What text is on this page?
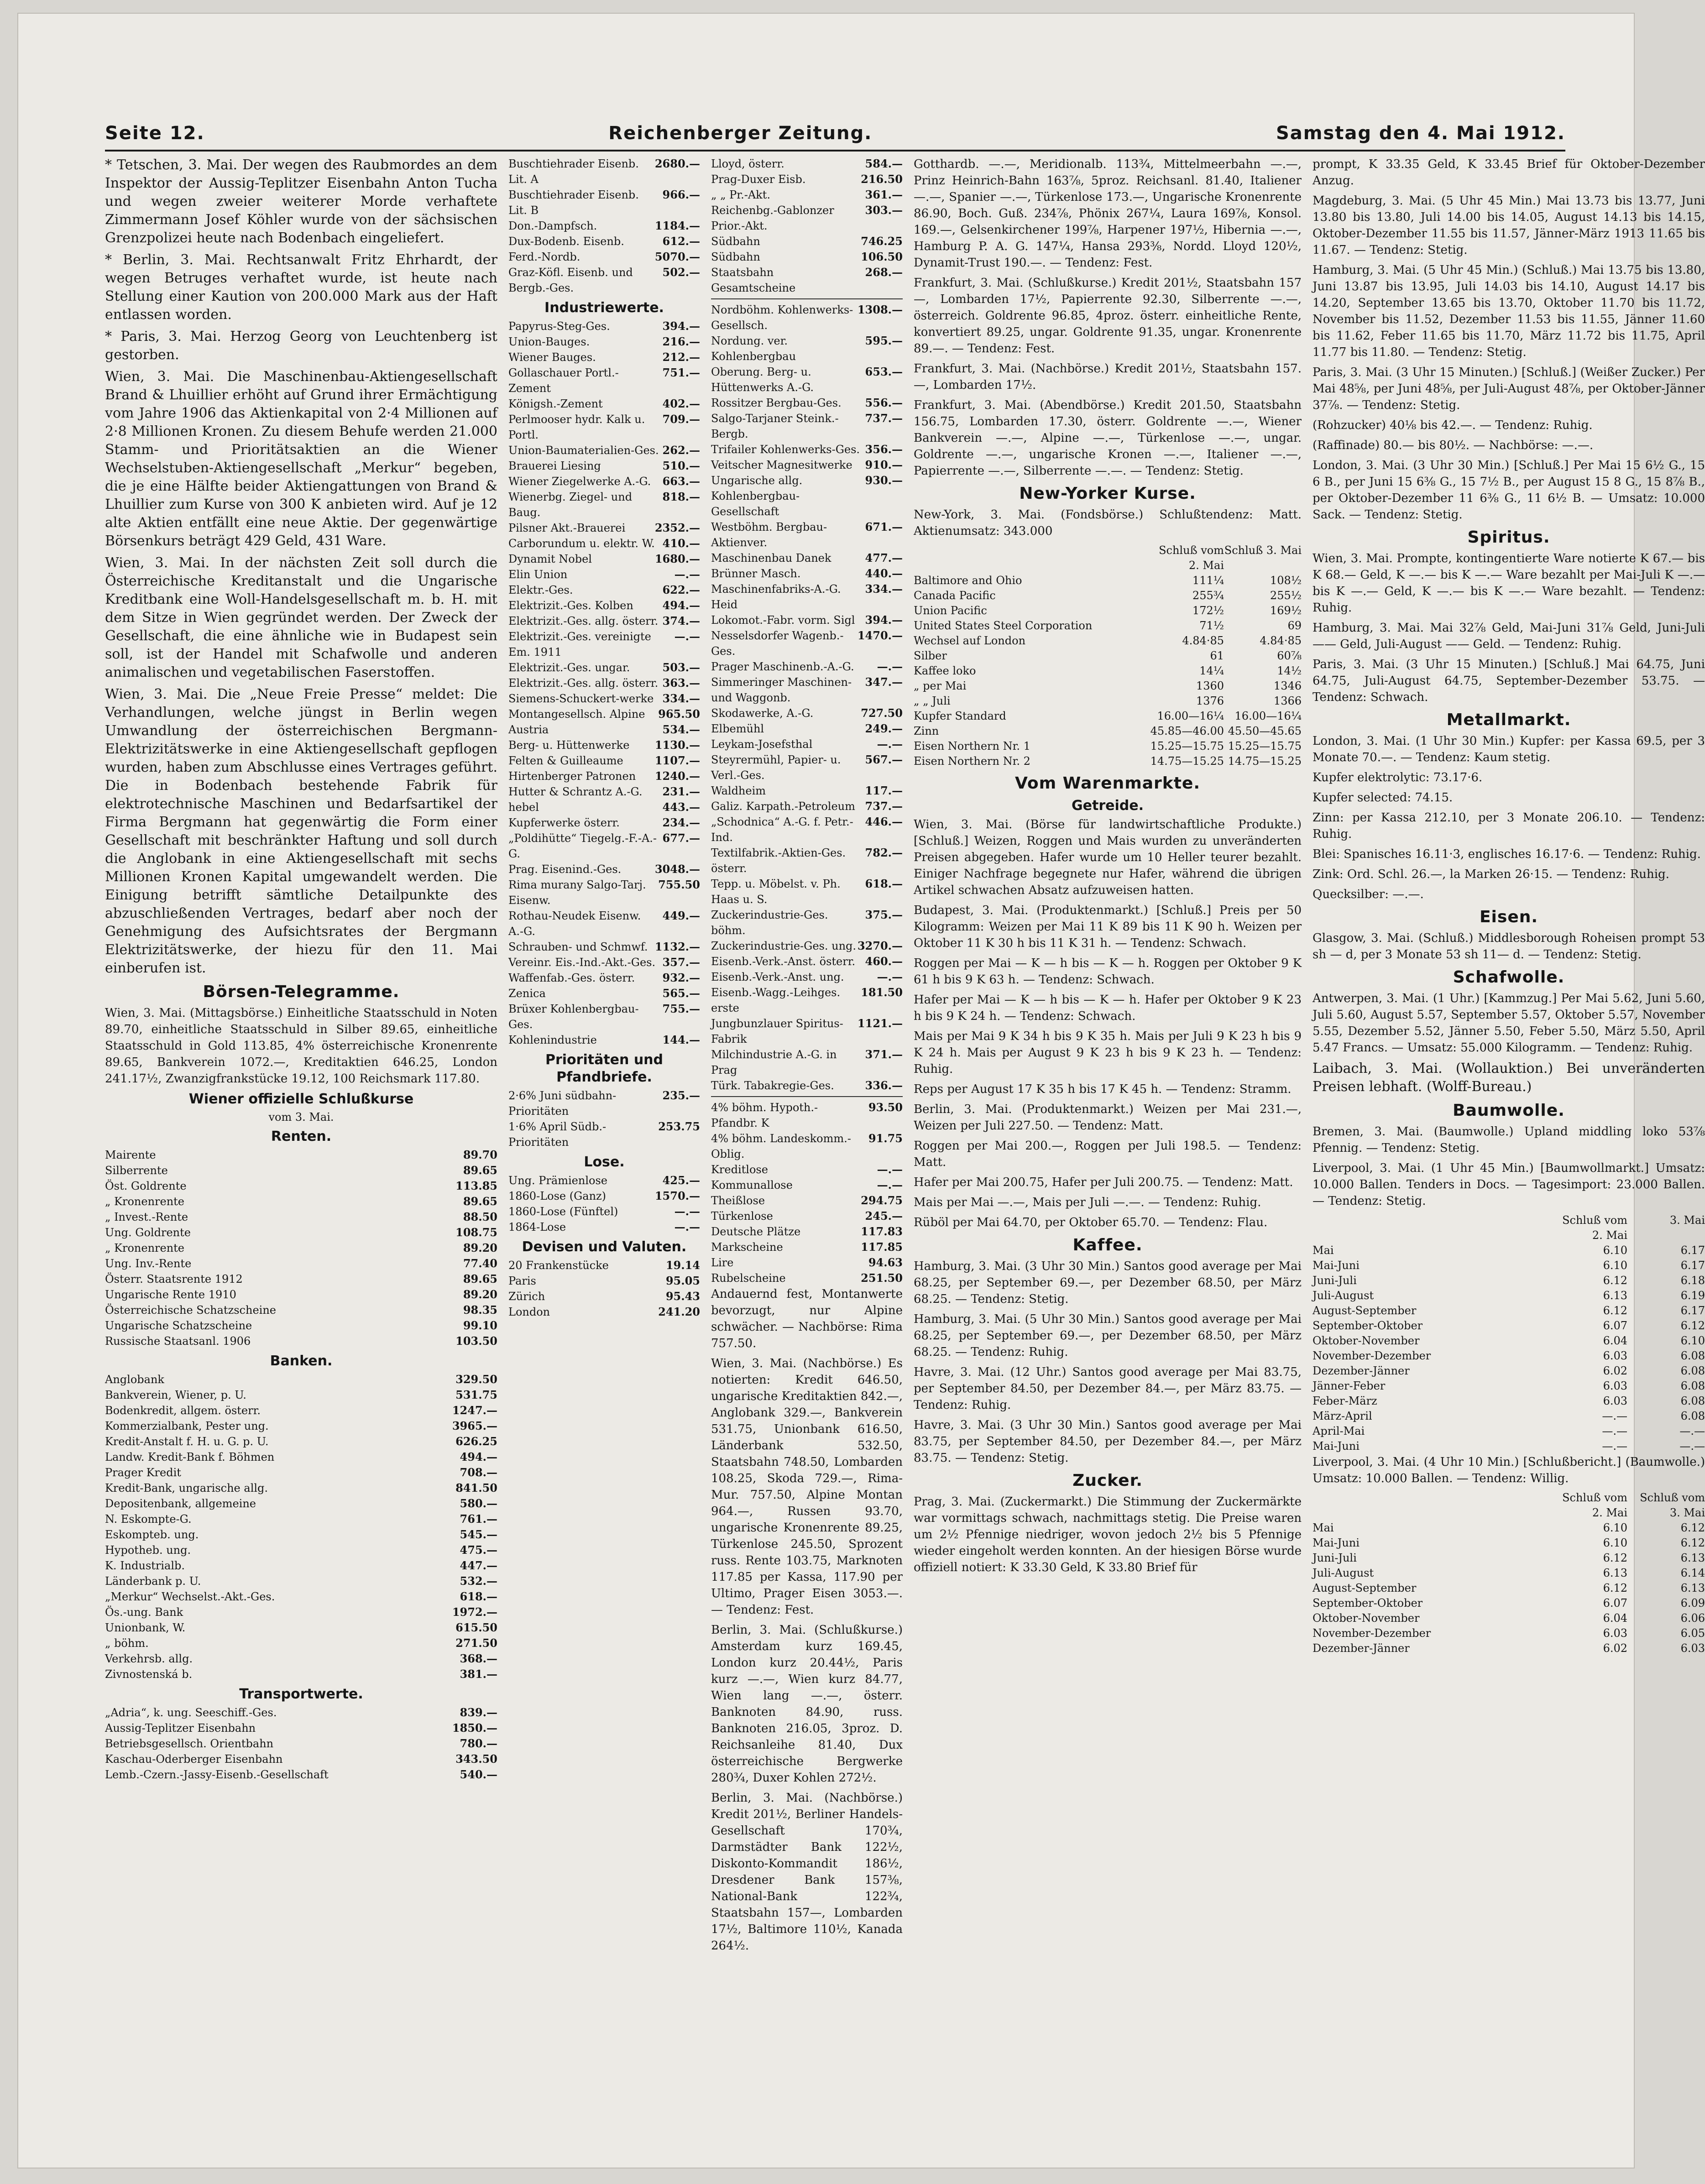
Seite 12.	Reichenberger Zeitung.	Samstag den 4. Mai 1912.

* Tetschen, 3. Mai. Der wegen des Raubmordes an dem Inspektor der Aussig-Teplitzer Eisenbahn Anton Tucha und wegen zweier weiterer Morde verhaftete Zimmermann Josef Köhler wurde von der sächsischen Grenzpolizei heute nach Bodenbach eingeliefert.

* Berlin, 3. Mai. Rechtsanwalt Fritz Ehrhardt, der wegen Betruges verhaftet wurde, ist heute nach Stellung einer Kaution von 200.000 Mark aus der Haft entlassen worden.

* Paris, 3. Mai. Herzog Georg von Leuchtenberg ist gestorben.

Wien, 3. Mai. Die Maschinenbau-Aktiengesellschaft Brand & Lhuillier erhöht auf Grund ihrer Ermächtigung vom Jahre 1906 das Aktienkapital von 2·4 Millionen auf 2·8 Millionen Kronen. Zu diesem Behufe werden 21.000 Stamm- und Prioritätsaktien an die Wiener Wechselstuben-Aktiengesellschaft „Merkur“ begeben, die je eine Hälfte beider Aktiengattungen von Brand & Lhuillier zum Kurse von 300 K anbieten wird. Auf je 12 alte Aktien entfällt eine neue Aktie. Der gegenwärtige Börsenkurs beträgt 429 Geld, 431 Ware.

Wien, 3. Mai. In der nächsten Zeit soll durch die Österreichische Kreditanstalt und die Ungarische Kreditbank eine Woll-Handelsgesellschaft m. b. H. mit dem Sitze in Wien gegründet werden. Der Zweck der Gesellschaft, die eine ähnliche wie in Budapest sein soll, ist der Handel mit Schafwolle und anderen animalischen und vegetabilischen Faserstoffen.

Wien, 3. Mai. Die „Neue Freie Presse“ meldet: Die Verhandlungen, welche jüngst in Berlin wegen Umwandlung der österreichischen Bergmann-Elektrizitätswerke in eine Aktiengesellschaft gepflogen wurden, haben zum Abschlusse eines Vertrages geführt. Die in Bodenbach bestehende Fabrik für elektrotechnische Maschinen und Bedarfsartikel der Firma Bergmann hat gegenwärtig die Form einer Gesellschaft mit beschränkter Haftung und soll durch die Anglobank in eine Aktiengesellschaft mit sechs Millionen Kronen Kapital umgewandelt werden. Die Einigung betrifft sämtliche Detailpunkte des abzuschließenden Vertrages, bedarf aber noch der Genehmigung des Aufsichtsrates der Bergmann Elektrizitätswerke, der hiezu für den 11. Mai einberufen ist.

Börsen-Telegramme.

Wien, 3. Mai. (Mittagsbörse.) Einheitliche Staatsschuld in Noten 89.70, einheitliche Staatsschuld in Silber 89.65, einheitliche Staatsschuld in Gold 113.85, 4% österreichische Kronenrente 89.65, Bankverein 1072.—, Kreditaktien 646.25, London 241.17½, Zwanzigfrankstücke 19.12, 100 Reichsmark 117.80.

Wiener offizielle Schlußkurse
vom 3. Mai.
Renten.
Mairente	89.70
Silberrente	89.65
Öst. Goldrente	113.85
„ Kronenrente	89.65
„ Invest.-Rente	88.50
Ung. Goldrente	108.75
„ Kronenrente	89.20
Ung. Inv.-Rente	77.40
Österr. Staatsrente 1912	89.65
Ungarische Rente 1910	89.20
Österreichische Schatzscheine	98.35
Ungarische Schatzscheine	99.10
Russische Staatsanl. 1906	103.50
Banken.
Anglobank	329.50
Bankverein, Wiener, p. U.	531.75
Bodenkredit, allgem. österr.	1247.—
Kommerzialbank, Pester ung.	3965.—
Kredit-Anstalt f. H. u. G. p. U.	626.25
Landw. Kredit-Bank f. Böhmen	494.—
Prager Kredit	708.—
Kredit-Bank, ungarische allg.	841.50
Depositenbank, allgemeine	580.—
N. Eskompte-G.	761.—
Eskompteb. ung.	545.—
Hypotheb. ung.	475.—
K. Industrialb.	447.—
Länderbank p. U.	532.—
„Merkur“ Wechselst.-Akt.-Ges.	618.—
Ös.-ung. Bank	1972.—
Unionbank, W.	615.50
„ böhm.	271.50
Verkehrsb. allg.	368.—
Zivnostenská b.	381.—
Transportwerte.
„Adria“, k. ung. Seeschiff.-Ges.	839.—
Aussig-Teplitzer Eisenbahn	1850.—
Betriebsgesellsch. Orientbahn	780.—
Kaschau-Oderberger Eisenbahn	343.50
Lemb.-Czern.-Jassy-Eisenb.-Gesellschaft	540.—
Buschtiehrader Eisenb. Lit. A
2680.—
Buschtiehrader Eisenb. Lit. B
966.—
Don.-Dampfsch.	1184.—
Dux-Bodenb. Eisenb.	612.—
Ferd.-Nordb.	5070.—
Graz-Köfl. Eisenb. und Bergb.-Ges.
502.—
Industriewerte.
Papyrus-Steg-Ges.	394.—
Union-Bauges.	216.—
Wiener Bauges.	212.—
Gollaschauer Portl.-Zement
751.—
Königsh.-Zement	402.—
Perlmooser hydr. Kalk u. Portl.
709.—
Union-Baumaterialien-Ges. 262.—
Brauerei Liesing	510.—
Wiener Ziegelwerke A.-G.	663.—
Wienerbg. Ziegel- und Baug.
818.—
Pilsner Akt.-Brauerei	2352.—
Carborundum u. elektr. W. 410.—
Dynamit Nobel	1680.—
Elin Union	—.—
Elektr.-Ges.	622.—
Elektrizit.-Ges. Kolben	494.—
Elektrizit.-Ges. allg. österr. 374.—
Elektrizit.-Ges. vereinigte Em. 1911
—.—
Elektrizit.-Ges. ungar.	503.—
Elektrizit.-Ges. allg. österr. 363.—
Siemens-Schuckert-werke 334.—
Montangesellsch. Alpine	965.50
Austria	534.—
Berg- u. Hüttenwerke	1130.—
Felten & Guilleaume	1107.—
Hirtenberger Patronen	1240.—
Hutter & Schrantz A.-G.	231.—
hebel	443.—
Kupferwerke österr.	234.—
„Poldihütte“ Tiegelg.-F.-A.-G.
677.—
Prag. Eisenind.-Ges.	3048.—
Rima murany Salgo-Tarj. Eisenw.
755.50
Rothau-Neudek Eisenw. A.-G.
449.—
Schrauben- und Schmwf. 1132.—
Vereinr. Eis.-Ind.-Akt.-Ges. 357.—
Waffenfab.-Ges. österr.	932.—
Zenica	565.—
Brüxer Kohlenbergbau-Ges.
755.—
Kohlenindustrie	144.—
Prioritäten und Pfandbriefe.
2·6% Juni südbahn-Prioritäten
235.—
1·6% April Südb.-Prioritäten
253.75
Lose.
Ung. Prämienlose	425.—
1860-Lose (Ganz)	1570.—
1860-Lose (Fünftel)	—.—
1864-Lose	—.—
Devisen und Valuten.
20 Frankenstücke	19.14
Paris	95.05
Zürich	95.43
London	241.20
Lloyd, österr.	584.—
Prag-Duxer Eisb.	216.50
„ „ Pr.-Akt.	361.—
Reichenbg.-Gablonzer Prior.-Akt.
303.—
Südbahn	746.25
Südbahn	106.50
Staatsbahn Gesamtscheine
268.—
Nordböhm. Kohlenwerks-Gesellsch.
1308.—
Nordung. ver. Kohlenbergbau
595.—
Oberung. Berg- u. Hüttenwerks A.-G.
653.—
Rossitzer Bergbau-Ges.	556.—
Salgo-Tarjaner Steink.-Bergb.
737.—
Trifailer Kohlenwerks-Ges. 356.—
Veitscher Magnesitwerke	910.—
Ungarische allg. Kohlenbergbau-Gesellschaft
930.—
Westböhm. Bergbau-Aktienver.
671.—
Maschinenbau Danek	477.—
Brünner Masch.	440.—
Maschinenfabriks-A.-G. Heid
334.—
Lokomot.-Fabr. vorm. Sigl 394.—
Nesselsdorfer Wagenb.-Ges.
1470.—
Prager Maschinenb.-A.-G.	—.—
Simmeringer Maschinen- und Waggonb.
347.—
Skodawerke, A.-G.	727.50
Elbemühl	249.—
Leykam-Josefsthal	—.—
Steyrermühl, Papier- u. Verl.-Ges.
567.—
Waldheim	117.—
Galiz. Karpath.-Petroleum 737.—
„Schodnica“ A.-G. f. Petr.-Ind.
446.—
Textilfabrik.-Aktien-Ges. österr.
782.—
Tepp. u. Möbelst. v. Ph. Haas u. S.
618.—
Zuckerindustrie-Ges. böhm.
375.—
Zuckerindustrie-Ges. ung. 3270.—
Eisenb.-Verk.-Anst. österr. 460.—
Eisenb.-Verk.-Anst. ung.	—.—
Eisenb.-Wagg.-Leihges. erste
181.50
Jungbunzlauer Spiritus-Fabrik
1121.—
Milchindustrie A.-G. in Prag
371.—
Türk. Tabakregie-Ges.	336.—
4% böhm. Hypoth.-Pfandbr. K
93.50
4% böhm. Landeskomm.-Oblig.
91.75
Kreditlose	—.—
Kommunallose	—.—
Theißlose	294.75
Türkenlose	245.—
Deutsche Plätze	117.83
Markscheine	117.85
Lire	94.63
Rubelscheine	251.50

Andauernd fest, Montanwerte bevorzugt, nur Alpine schwächer. — Nachbörse: Rima 757.50.

Wien, 3. Mai. (Nachbörse.) Es notierten: Kredit 646.50, ungarische Kreditaktien 842.—, Anglobank 329.—, Bankverein 531.75, Unionbank 616.50, Länderbank 532.50, Staatsbahn 748.50, Lombarden 108.25, Skoda 729.—, Rima-Mur. 757.50, Alpine Montan 964.—, Russen 93.70, ungarische Kronenrente 89.25, Türkenlose 245.50, Sprozent russ. Rente 103.75, Marknoten 117.85 per Kassa, 117.90 per Ultimo, Prager Eisen 3053.—. — Tendenz: Fest.

Berlin, 3. Mai. (Schlußkurse.) Amsterdam kurz 169.45, London kurz 20.44½, Paris kurz —.—, Wien kurz 84.77, Wien lang —.—, österr. Banknoten 84.90, russ. Banknoten 216.05, 3proz. D. Reichsanleihe 81.40, Dux österreichische Bergwerke 280¾, Duxer Kohlen 272½.

Berlin, 3. Mai. (Nachbörse.) Kredit 201½, Berliner Handels-Gesellschaft 170¾, Darmstädter Bank 122½, Diskonto-Kommandit 186½, Dresdener Bank 157⅜, National-Bank 122¾, Staatsbahn 157—, Lombarden 17½, Baltimore 110½, Kanada 264½.

Gotthardb. —.—, Meridionalb. 113¾, Mittelmeerbahn —.—, Prinz Heinrich-Bahn 163⅞, 5proz. Reichsanl. 81.40, Italiener —.—, Spanier —.—, Türkenlose 173.—, Ungarische Kronenrente 86.90, Boch. Guß. 234⅞, Phönix 267¼, Laura 169⅞, Konsol. 169.—, Gelsenkirchener 199⅞, Harpener 197½, Hibernia —.—, Hamburg P. A. G. 147¼, Hansa 293⅜, Nordd. Lloyd 120½, Dynamit-Trust 190.—. — Tendenz: Fest.

Frankfurt, 3. Mai. (Schlußkurse.) Kredit 201½, Staatsbahn 157—, Lombarden 17½, Papierrente 92.30, Silberrente —.—, österreich. Goldrente 96.85, 4proz. österr. einheitliche Rente, konvertiert 89.25, ungar. Goldrente 91.35, ungar. Kronenrente 89.—. — Tendenz: Fest.

Frankfurt, 3. Mai. (Nachbörse.) Kredit 201½, Staatsbahn 157.—, Lombarden 17½.

Frankfurt, 3. Mai. (Abendbörse.) Kredit 201.50, Staatsbahn 156.75, Lombarden 17.30, österr. Goldrente —.—, Wiener Bankverein —.—, Alpine —.—, Türkenlose —.—, ungar. Goldrente —.—, ungarische Kronen —.—, Italiener —.—, Papierrente —.—, Silberrente —.—. — Tendenz: Stetig.

New-Yorker Kurse.

New-York, 3. Mai. (Fondsbörse.) Schlußtendenz: Matt. Aktienumsatz: 343.000

Schluß vom 2. Mai
Schluß 3. Mai
Baltimore and Ohio	111¼	108½
Canada Pacific	255¾	255½
Union Pacific	172½	169½
United States Steel Corporation	71½	69
Wechsel auf London	4.84·85	4.84·85
Silber	61	60⅞
Kaffee loko	14¼	14½
„ per Mai	1360	1346
„ „ Juli	1376	1366
Kupfer Standard	16.00—16¼ 16.00—16¼
Zinn	45.85—46.00 45.50—45.65
Eisen Northern Nr. 1	15.25—15.75 15.25—15.75
Eisen Northern Nr. 2	14.75—15.25 14.75—15.25
Vom Warenmarkte.
Getreide.

Wien, 3. Mai. (Börse für landwirtschaftliche Produkte.) [Schluß.] Weizen, Roggen und Mais wurden zu unveränderten Preisen abgegeben. Hafer wurde um 10 Heller teurer bezahlt. Einiger Nachfrage begegnete nur Hafer, während die übrigen Artikel schwachen Absatz aufzuweisen hatten.

Budapest, 3. Mai. (Produktenmarkt.) [Schluß.] Preis per 50 Kilogramm: Weizen per Mai 11 K 89 bis 11 K 90 h. Weizen per Oktober 11 K 30 h bis 11 K 31 h. — Tendenz: Schwach.

Roggen per Mai — K — h bis — K — h. Roggen per Oktober 9 K 61 h bis 9 K 63 h. — Tendenz: Schwach.

Hafer per Mai — K — h bis — K — h. Hafer per Oktober 9 K 23 h bis 9 K 24 h. — Tendenz: Schwach.

Mais per Mai 9 K 34 h bis 9 K 35 h. Mais per Juli 9 K 23 h bis 9 K 24 h. Mais per August 9 K 23 h bis 9 K 23 h. — Tendenz: Ruhig.

Reps per August 17 K 35 h bis 17 K 45 h. — Tendenz: Stramm.

Berlin, 3. Mai. (Produktenmarkt.) Weizen per Mai 231.—, Weizen per Juli 227.50. — Tendenz: Matt.

Roggen per Mai 200.—, Roggen per Juli 198.5. — Tendenz: Matt.

Hafer per Mai 200.75, Hafer per Juli 200.75. — Tendenz: Matt.

Mais per Mai —.—, Mais per Juli —.—. — Tendenz: Ruhig.

Rüböl per Mai 64.70, per Oktober 65.70. — Tendenz: Flau.

Kaffee.

Hamburg, 3. Mai. (3 Uhr 30 Min.) Santos good average per Mai 68.25, per September 69.—, per Dezember 68.50, per März 68.25. — Tendenz: Stetig.

Hamburg, 3. Mai. (5 Uhr 30 Min.) Santos good average per Mai 68.25, per September 69.—, per Dezember 68.50, per März 68.25. — Tendenz: Ruhig.

Havre, 3. Mai. (12 Uhr.) Santos good average per Mai 83.75, per September 84.50, per Dezember 84.—, per März 83.75. — Tendenz: Ruhig.

Havre, 3. Mai. (3 Uhr 30 Min.) Santos good average per Mai 83.75, per September 84.50, per Dezember 84.—, per März 83.75. — Tendenz: Stetig.

Zucker.

Prag, 3. Mai. (Zuckermarkt.) Die Stimmung der Zuckermärkte war vormittags schwach, nachmittags stetig. Die Preise waren um 2½ Pfennige niedriger, wovon jedoch 2½ bis 5 Pfennige wieder eingeholt werden konnten. An der hiesigen Börse wurde offiziell notiert: K 33.30 Geld, K 33.80 Brief für

prompt, K 33.35 Geld, K 33.45 Brief für Oktober-Dezember Anzug.

Magdeburg, 3. Mai. (5 Uhr 45 Min.) Mai 13.73 bis 13.77, Juni 13.80 bis 13.80, Juli 14.00 bis 14.05, August 14.13 bis 14.15, Oktober-Dezember 11.55 bis 11.57, Jänner-März 1913 11.65 bis 11.67. — Tendenz: Stetig.

Hamburg, 3. Mai. (5 Uhr 45 Min.) (Schluß.) Mai 13.75 bis 13.80, Juni 13.87 bis 13.95, Juli 14.03 bis 14.10, August 14.17 bis 14.20, September 13.65 bis 13.70, Oktober 11.70 bis 11.72, November bis 11.52, Dezember 11.53 bis 11.55, Jänner 11.60 bis 11.62, Feber 11.65 bis 11.70, März 11.72 bis 11.75, April 11.77 bis 11.80. — Tendenz: Stetig.

Paris, 3. Mai. (3 Uhr 15 Minuten.) [Schluß.] (Weißer Zucker.) Per Mai 48⅝, per Juni 48⅝, per Juli-August 48⅞, per Oktober-Jänner 37⅞. — Tendenz: Stetig.

(Rohzucker) 40⅛ bis 42.—. — Tendenz: Ruhig.

(Raffinade) 80.— bis 80½. — Nachbörse: —.—.

London, 3. Mai. (3 Uhr 30 Min.) [Schluß.] Per Mai 15 6½ G., 15 6 B., per Juni 15 6⅜ G., 15 7½ B., per August 15 8 G., 15 8⅞ B., per Oktober-Dezember 11 6⅜ G., 11 6½ B. — Umsatz: 10.000 Sack. — Tendenz: Stetig.

Spiritus.

Wien, 3. Mai. Prompte, kontingentierte Ware notierte K 67.— bis K 68.— Geld, K —.— bis K —.— Ware bezahlt per Mai-Juli K —.— bis K —.— Geld, K —.— bis K —.— Ware bezahlt. — Tendenz: Ruhig.

Hamburg, 3. Mai. Mai 32⅞ Geld, Mai-Juni 31⅞ Geld, Juni-Juli —— Geld, Juli-August —— Geld. — Tendenz: Ruhig.

Paris, 3. Mai. (3 Uhr 15 Minuten.) [Schluß.] Mai 64.75, Juni 64.75, Juli-August 64.75, September-Dezember 53.75. — Tendenz: Schwach.

Metallmarkt.

London, 3. Mai. (1 Uhr 30 Min.) Kupfer: per Kassa 69.5, per 3 Monate 70.—. — Tendenz: Kaum stetig.

Kupfer elektrolytic: 73.17·6.

Kupfer selected: 74.15.

Zinn: per Kassa 212.10, per 3 Monate 206.10. — Tendenz: Ruhig.

Blei: Spanisches 16.11·3, englisches 16.17·6. — Tendenz: Ruhig.

Zink: Ord. Schl. 26.—, la Marken 26·15. — Tendenz: Ruhig.

Quecksilber: —.—.

Eisen.

Glasgow, 3. Mai. (Schluß.) Middlesborough Roheisen prompt 53 sh — d, per 3 Monate 53 sh 11— d. — Tendenz: Stetig.

Schafwolle.

Antwerpen, 3. Mai. (1 Uhr.) [Kammzug.] Per Mai 5.62, Juni 5.60, Juli 5.60, August 5.57, September 5.57, Oktober 5.57, November 5.55, Dezember 5.52, Jänner 5.50, Feber 5.50, März 5.50, April 5.47 Francs. — Umsatz: 55.000 Kilogramm. — Tendenz: Ruhig.

Laibach, 3. Mai. (Wollauktion.) Bei unveränderten Preisen lebhaft. (Wolff-Bureau.)

Baumwolle.

Bremen, 3. Mai. (Baumwolle.) Upland middling loko 53⅞ Pfennig. — Tendenz: Stetig.

Liverpool, 3. Mai. (1 Uhr 45 Min.) [Baumwollmarkt.] Umsatz: 10.000 Ballen. Tenders in Docs. — Tagesimport: 23.000 Ballen. — Tendenz: Stetig.

Schluß vom 2. Mai
3. Mai
Mai	6.10	6.17
Mai-Juni	6.10	6.17
Juni-Juli	6.12	6.18
Juli-August	6.13	6.19
August-September	6.12	6.17
September-Oktober	6.07	6.12
Oktober-November	6.04	6.10
November-Dezember	6.03	6.08
Dezember-Jänner	6.02	6.08
Jänner-Feber	6.03	6.08
Feber-März	6.03	6.08
März-April	—.—	6.08
April-Mai	—.—	—.—
Mai-Juni	—.—	—.—

Liverpool, 3. Mai. (4 Uhr 10 Min.) [Schlußbericht.] (Baumwolle.) Umsatz: 10.000 Ballen. — Tendenz: Willig.

Schluß vom 2. Mai
Schluß vom 3. Mai
Mai	6.10	6.12
Mai-Juni	6.10	6.12
Juni-Juli	6.12	6.13
Juli-August	6.13	6.14
August-September	6.12	6.13
September-Oktober	6.07	6.09
Oktober-November	6.04	6.06
November-Dezember	6.03	6.05
Dezember-Jänner	6.02	6.03
